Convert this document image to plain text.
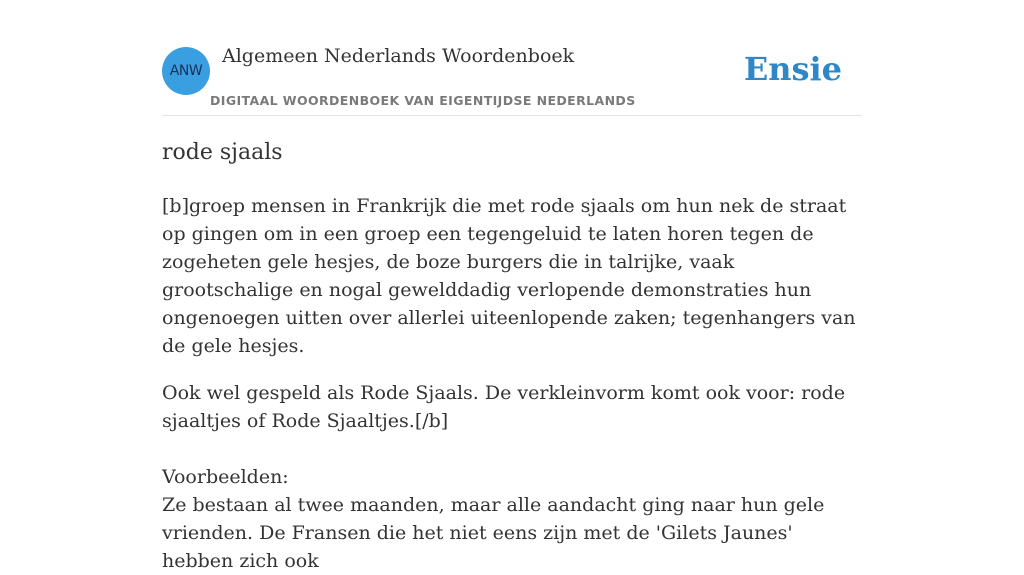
ANW
Algemeen Nederlands Woordenboek
DIGITAAL WOORDENBOEK VAN EIGENTIJDSE NEDERLANDS
Ensie
rode sjaals

[b]groep mensen in Frankrijk die met rode sjaals om hun nek de straat op gingen om in een groep een tegengeluid te laten horen tegen de zogeheten gele hesjes, de boze burgers die in talrijke, vaak grootschalige en nogal gewelddadig verlopende demonstraties hun ongenoegen uitten over allerlei uiteenlopende zaken; tegenhangers van de gele hesjes.

Ook wel gespeld als Rode Sjaals. De verkleinvorm komt ook voor: rode sjaaltjes of Rode Sjaaltjes.[/b]

Voorbeelden:
Ze bestaan al twee maanden, maar alle aandacht ging naar hun gele vrienden. De Fransen die het niet eens zijn met de 'Gilets Jaunes' hebben zich ook
